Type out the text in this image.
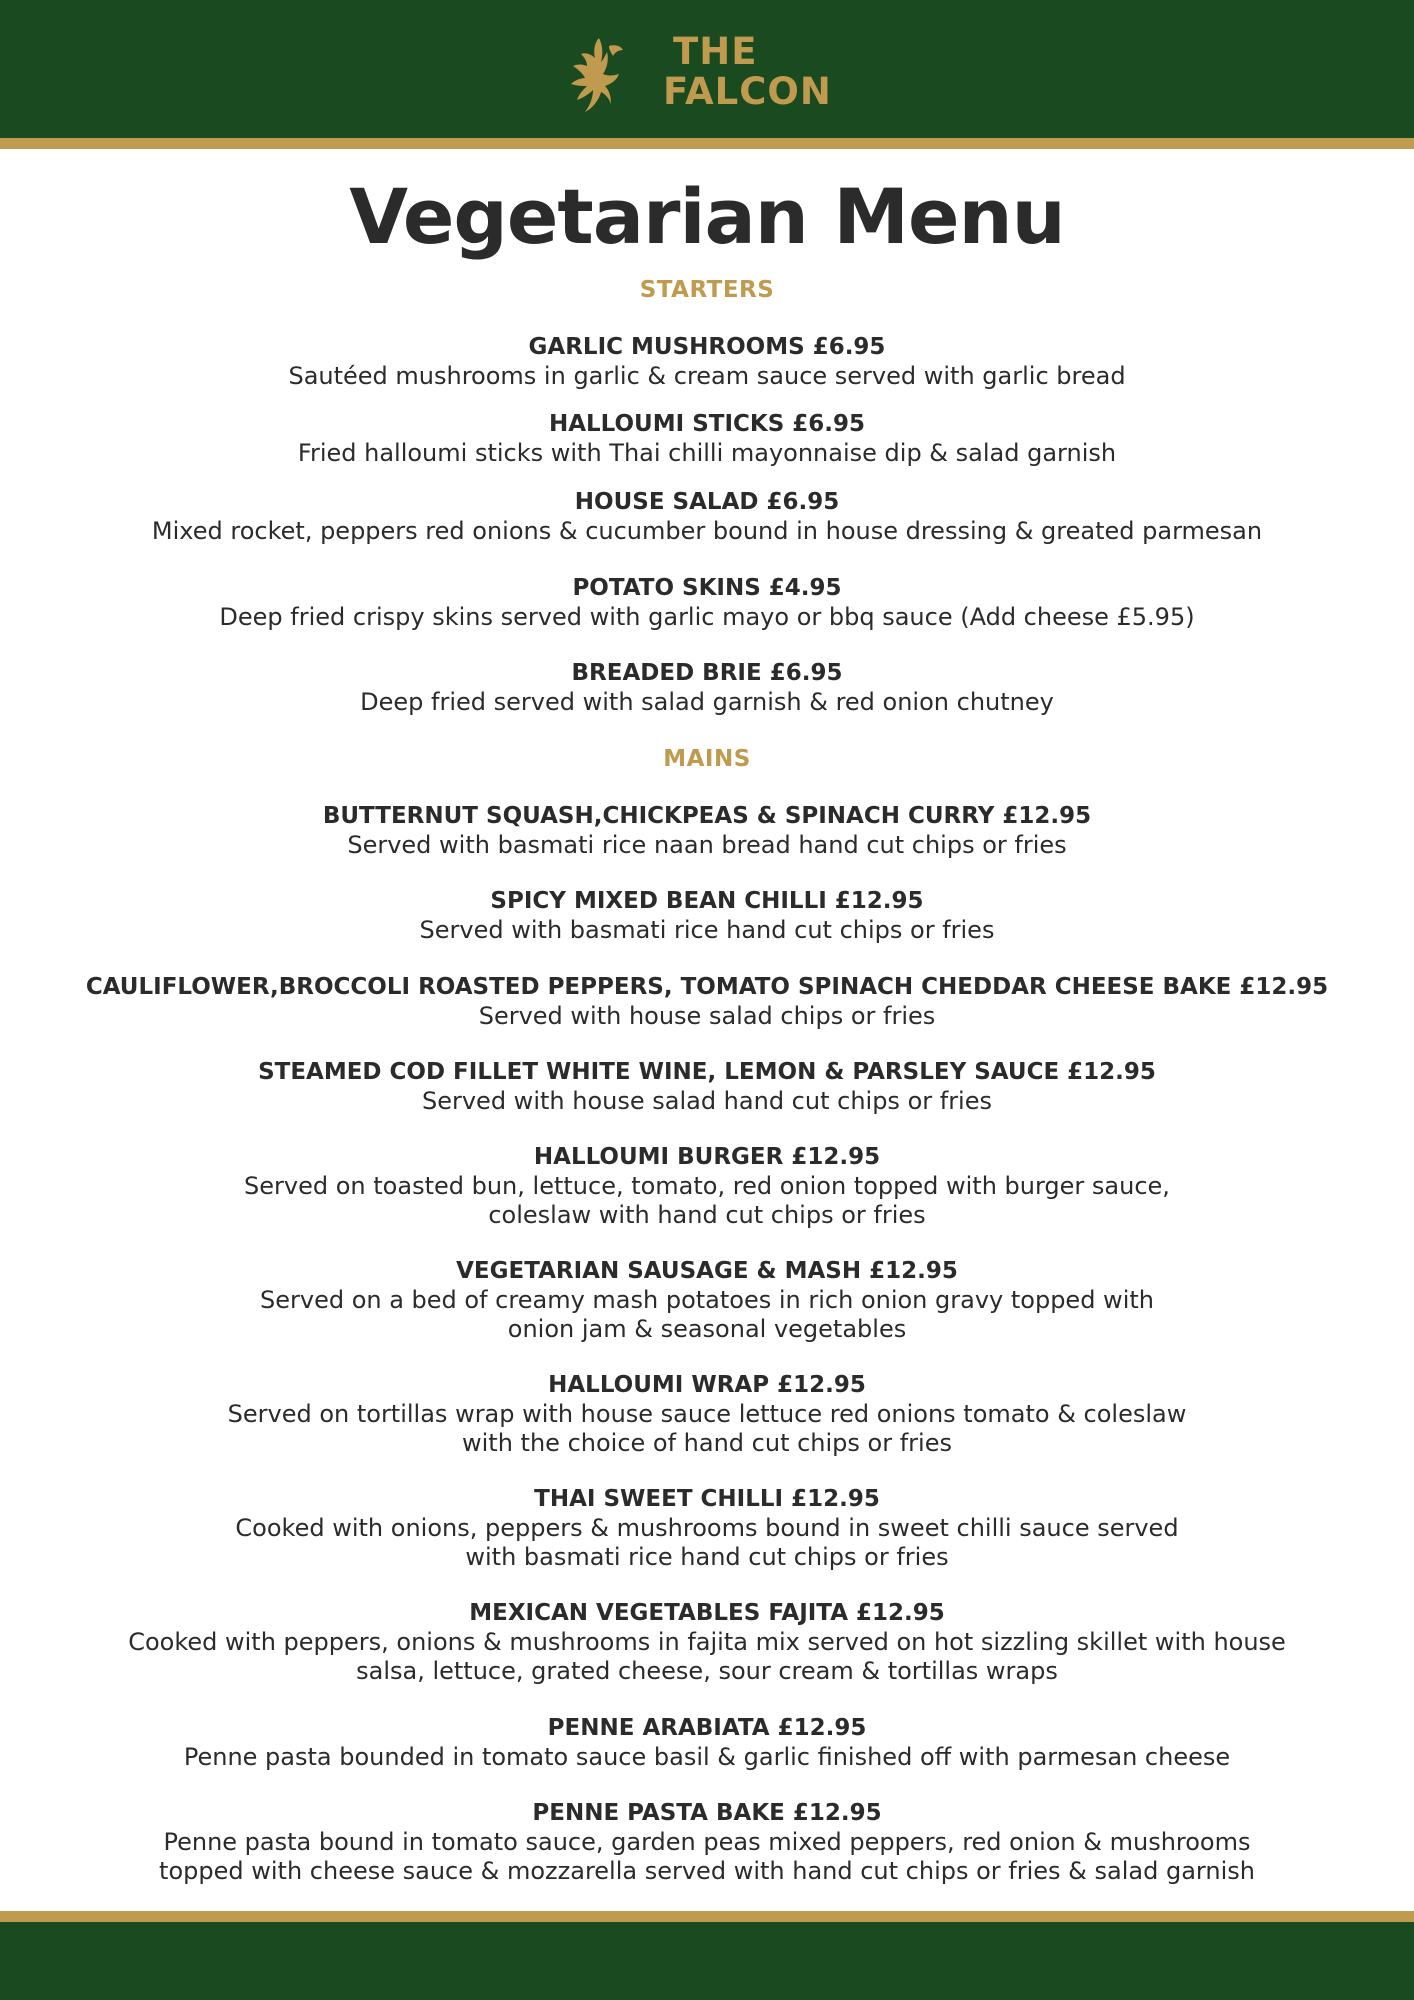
THE
FALCON
Vegetarian Menu
STARTERS
GARLIC MUSHROOMS £6.95
Sautéed mushrooms in garlic & cream sauce served with garlic bread
HALLOUMI STICKS £6.95
Fried halloumi sticks with Thai chilli mayonnaise dip & salad garnish
HOUSE SALAD £6.95
Mixed rocket, peppers red onions & cucumber bound in house dressing & greated parmesan
POTATO SKINS £4.95
Deep fried crispy skins served with garlic mayo or bbq sauce (Add cheese £5.95)
BREADED BRIE £6.95
Deep fried served with salad garnish & red onion chutney
MAINS
BUTTERNUT SQUASH,CHICKPEAS & SPINACH CURRY £12.95
Served with basmati rice naan bread hand cut chips or fries
SPICY MIXED BEAN CHILLI £12.95
Served with basmati rice hand cut chips or fries
CAULIFLOWER,BROCCOLI ROASTED PEPPERS, TOMATO SPINACH CHEDDAR CHEESE BAKE £12.95
Served with house salad chips or fries
STEAMED COD FILLET WHITE WINE, LEMON & PARSLEY SAUCE £12.95
Served with house salad hand cut chips or fries
HALLOUMI BURGER £12.95
Served on toasted bun, lettuce, tomato, red onion topped with burger sauce,
coleslaw with hand cut chips or fries
VEGETARIAN SAUSAGE & MASH £12.95
Served on a bed of creamy mash potatoes in rich onion gravy topped with
onion jam & seasonal vegetables
HALLOUMI WRAP £12.95
Served on tortillas wrap with house sauce lettuce red onions tomato & coleslaw
with the choice of hand cut chips or fries
THAI SWEET CHILLI £12.95
Cooked with onions, peppers & mushrooms bound in sweet chilli sauce served
with basmati rice hand cut chips or fries
MEXICAN VEGETABLES FAJITA £12.95
Cooked with peppers, onions & mushrooms in fajita mix served on hot sizzling skillet with house
salsa, lettuce, grated cheese, sour cream & tortillas wraps
PENNE ARABIATA £12.95
Penne pasta bounded in tomato sauce basil & garlic finished off with parmesan cheese
PENNE PASTA BAKE £12.95
Penne pasta bound in tomato sauce, garden peas mixed peppers, red onion & mushrooms
topped with cheese sauce & mozzarella served with hand cut chips or fries & salad garnish
